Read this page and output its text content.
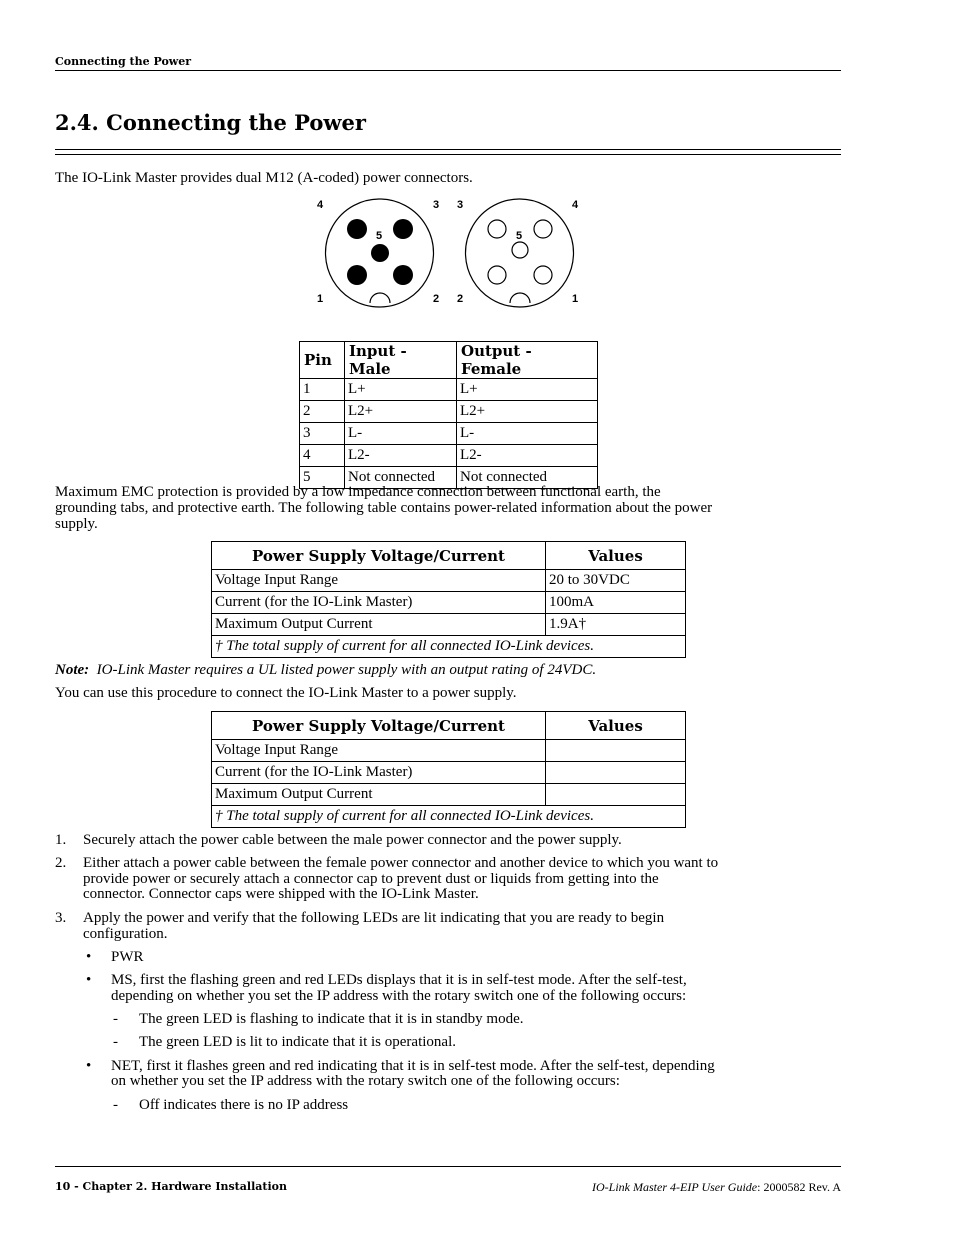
Connecting the Power
2.4. Connecting the Power
The IO-Link Master provides dual M12 (A-coded) power connectors.
4	3
5
1	2
3	4
5
2	1
Pin	Input - Male	Output - Female
1	L+	L+
2	L2+	L2+
3	L-	L-
4	L2-	L2-
5	Not connected	Not connected
Maximum EMC protection is provided by a low impedance connection between functional earth, the
grounding tabs, and protective earth. The following table contains power-related information about the power
supply.
Power Supply Voltage/Current	Values
Voltage Input Range	20 to 30VDC
Current (for the IO-Link Master)	100mA
Maximum Output Current	1.9A†
† The total supply of current for all connected IO-Link devices.	
Note: IO-Link Master requires a UL listed power supply with an output rating of 24VDC.
You can use this procedure to connect the IO-Link Master to a power supply.
Power Supply Voltage/Current	Values
Voltage Input Range	
Current (for the IO-Link Master)	
Maximum Output Current	
† The total supply of current for all connected IO-Link devices.	
1. Securely attach the power cable between the male power connector and the power supply.
2. Either attach a power cable between the female power connector and another device to which you want to
provide power or securely attach a connector cap to prevent dust or liquids from getting into the
connector. Connector caps were shipped with the IO-Link Master.
3. Apply the power and verify that the following LEDs are lit indicating that you are ready to begin
configuration.
• PWR
• MS, first the flashing green and red LEDs displays that it is in self-test mode. After the self-test,
depending on whether you set the IP address with the rotary switch one of the following occurs:
- The green LED is flashing to indicate that it is in standby mode.
- The green LED is lit to indicate that it is operational.
• NET, first it flashes green and red indicating that it is in self-test mode. After the self-test, depending
on whether you set the IP address with the rotary switch one of the following occurs:
- Off indicates there is no IP address
10 - Chapter 2. Hardware Installation	IO-Link Master 4-EIP User Guide: 2000582 Rev. A
